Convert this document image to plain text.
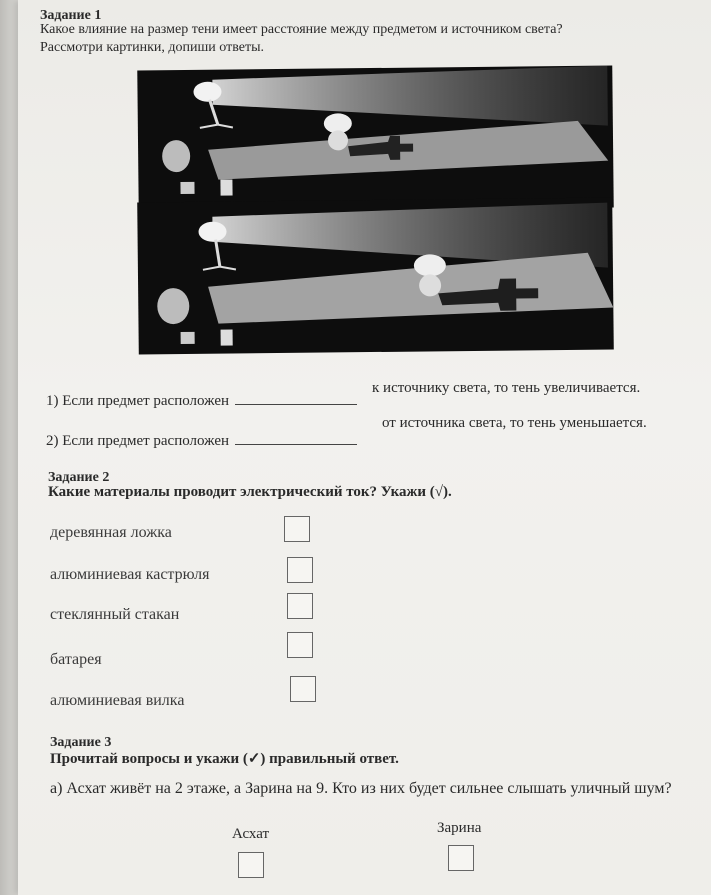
Задание 1
Какое влияние на размер тени имеет расстояние между предметом и источником света?
Рассмотри картинки, допиши ответы.
1) Если предмет расположен
к источнику света, то тень увеличивается.
2) Если предмет расположен
от источника света, то тень уменьшается.
Задание 2
Какие материалы проводит электрический ток? Укажи (√).
деревянная ложка
алюминиевая кастрюля
стеклянный стакан
батарея
алюминиевая вилка
Задание 3
Прочитай вопросы и укажи (✓) правильный ответ.
а) Асхат живёт на 2 этаже, а Зарина на 9. Кто из них будет сильнее слышать уличный шум?
Асхат	Зарина
